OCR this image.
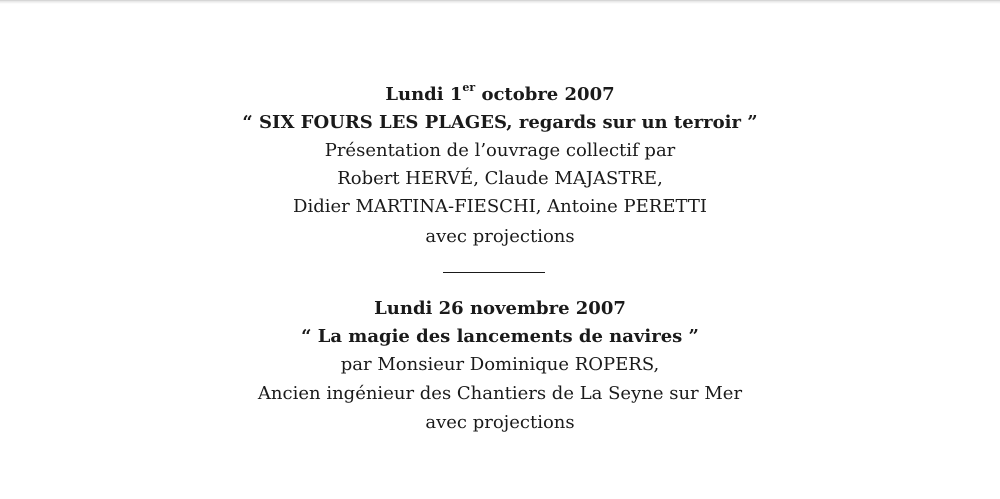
Lundi 1er octobre 2007
“ SIX FOURS LES PLAGES, regards sur un terroir ”
Présentation de l’ouvrage collectif par
Robert HERVÉ, Claude MAJASTRE,
Didier MARTINA-FIESCHI, Antoine PERETTI
avec projections
Lundi 26 novembre 2007
“ La magie des lancements de navires ”
par Monsieur Dominique ROPERS,
Ancien ingénieur des Chantiers de La Seyne sur Mer
avec projections
